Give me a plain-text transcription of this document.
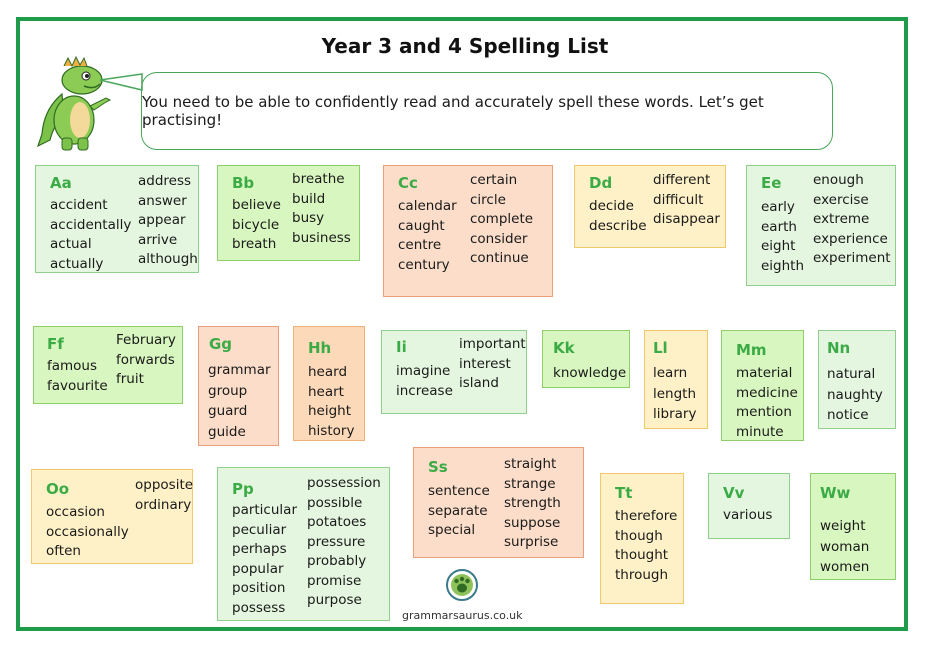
Year 3 and 4 Spelling List
You need to be able to confidently read and accurately spell these words. Let’s get practising!
Aa
accident
accidentally
actual
actually
address
answer
appear
arrive
although
Bb
believe
bicycle
breath
breathe
build
busy
business
Cc
calendar
caught
centre
century
certain
circle
complete
consider
continue
Dd
decide
describe
different
difficult
disappear
Ee
early
earth
eight
eighth
enough
exercise
extreme
experience
experiment
Ff
famous
favourite
February
forwards
fruit
Gg
grammar
group
guard
guide
Hh
heard
heart
height
history
Ii
imagine
increase
important
interest
island
Kk
knowledge
Ll
learn
length
library
Mm
material
medicine
mention
minute
Nn
natural
naughty
notice
Oo
occasion
occasionally
often
opposite
ordinary
Pp
particular
peculiar
perhaps
popular
position
possess
possession
possible
potatoes
pressure
probably
promise
purpose
Ss
sentence
separate
special
straight
strange
strength
suppose
surprise
Tt
therefore
though
thought
through
Vv
various
Ww
weight
woman
women
grammarsaurus.co.uk
